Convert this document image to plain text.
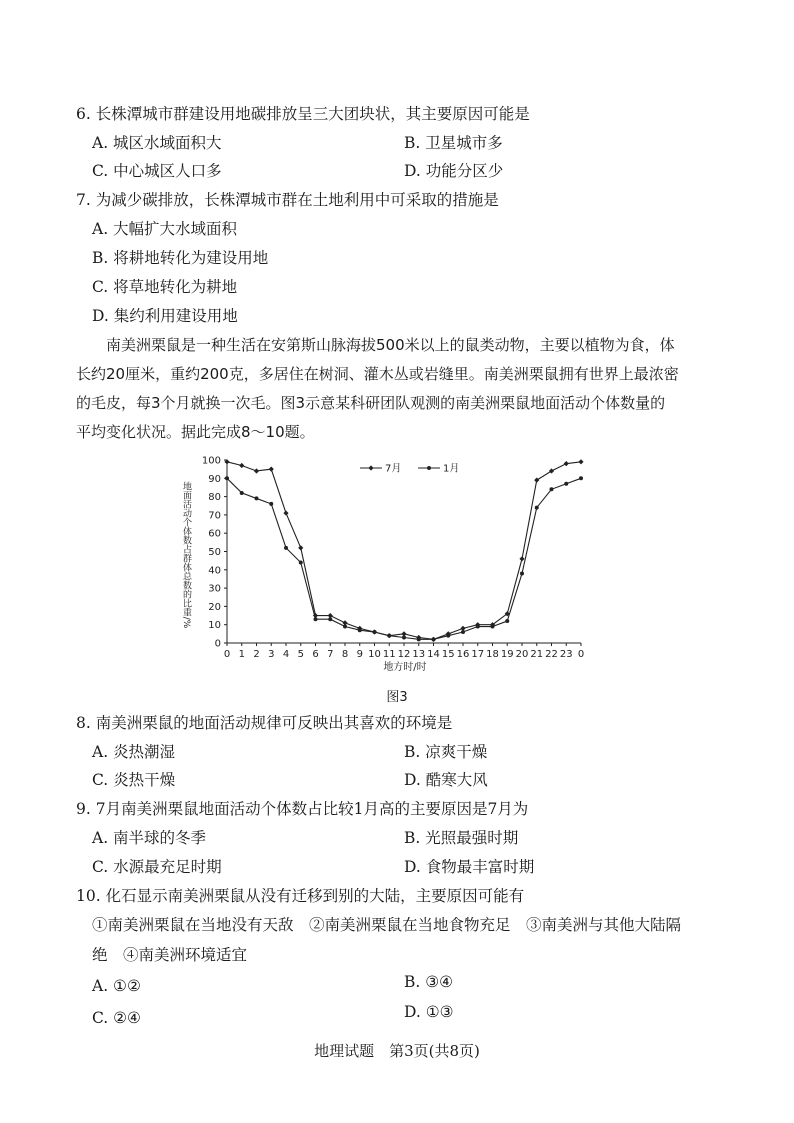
6. 长株潭城市群建设用地碳排放呈三大团块状，其主要原因可能是
A. 城区水域面积大	B. 卫星城市多
C. 中心城区人口多	D. 功能分区少
7. 为减少碳排放，长株潭城市群在土地利用中可采取的措施是
A. 大幅扩大水域面积
B. 将耕地转化为建设用地
C. 将草地转化为耕地
D. 集约利用建设用地

南美洲栗鼠是一种生活在安第斯山脉海拔500米以上的鼠类动物，主要以植物为食，体

长约20厘米，重约200克，多居住在树洞、灌木丛或岩缝里。南美洲栗鼠拥有世界上最浓密

的毛皮，每3个月就换一次毛。图3示意某科研团队观测的南美洲栗鼠地面活动个体数量的

平均变化状况。据此完成8～10题。

0
10
20
30
40
50
60
70
80
90
100
0 1 2 3 4 5 6 7 8 9 10 11 12 13 14 15 16 17 18 19 20 21 22 23 0
7月	1月
地面活动个体数占群体总数的比重/%
地方时/时
图3
8. 南美洲栗鼠的地面活动规律可反映出其喜欢的环境是
A. 炎热潮湿	B. 凉爽干燥
C. 炎热干燥	D. 酷寒大风
9. 7月南美洲栗鼠地面活动个体数占比较1月高的主要原因是7月为
A. 南半球的冬季	B. 光照最强时期
C. 水源最充足时期	D. 食物最丰富时期
10. 化石显示南美洲栗鼠从没有迁移到别的大陆，主要原因可能有
①南美洲栗鼠在当地没有天敌　②南美洲栗鼠在当地食物充足　③南美洲与其他大陆隔
绝　④南美洲环境适宜
A. ①②	B. ③④
C. ②④	D. ①③
地理试题　第3页(共8页)
